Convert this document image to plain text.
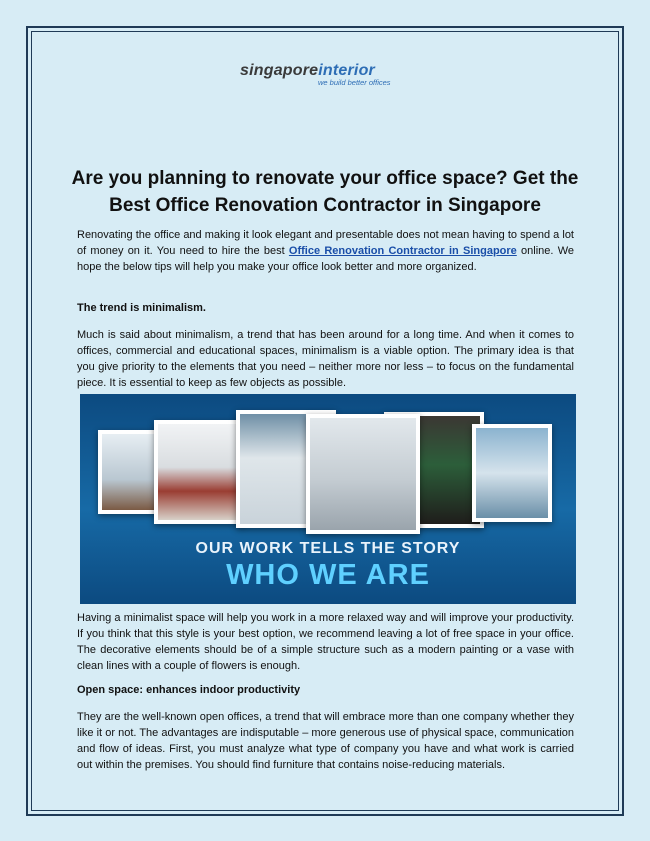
singaporeinterior
we build better offices
Are you planning to renovate your office space? Get the Best Office Renovation Contractor in Singapore

Renovating the office and making it look elegant and presentable does not mean having to spend a lot of money on it. You need to hire the best Office Renovation Contractor in Singapore online. We hope the below tips will help you make your office look better and more organized.

The trend is minimalism.

Much is said about minimalism, a trend that has been around for a long time. And when it comes to offices, commercial and educational spaces, minimalism is a viable option. The primary idea is that you give priority to the elements that you need – neither more nor less – to focus on the fundamental piece. It is essential to keep as few objects as possible.

OUR WORK TELLS THE STORY
WHO WE ARE

Having a minimalist space will help you work in a more relaxed way and will improve your productivity. If you think that this style is your best option, we recommend leaving a lot of free space in your office. The decorative elements should be of a simple structure such as a modern painting or a vase with clean lines with a couple of flowers is enough.

Open space: enhances indoor productivity

They are the well-known open offices, a trend that will embrace more than one company whether they like it or not. The advantages are indisputable – more generous use of physical space, communication and flow of ideas. First, you must analyze what type of company you have and what work is carried out within the premises. You should find furniture that contains noise-reducing materials.
